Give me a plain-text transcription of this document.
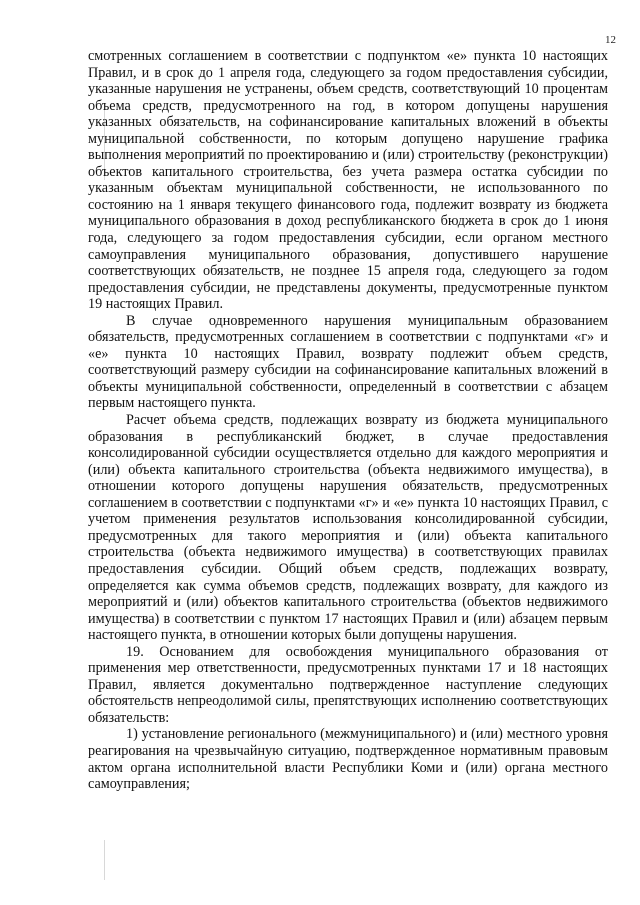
12

смотренных соглашением в соответствии с подпунктом «е» пункта 10 настоящих Правил, и в срок до 1 апреля года, следующего за годом предоставления субсидии, указанные нарушения не устранены, объем средств, соответствующий 10 процентам объема средств, предусмотренного на год, в котором допущены нарушения указанных обязательств, на софинансирование капитальных вложений в объекты муниципальной собственности, по которым допущено нарушение графика выполнения мероприятий по проектированию и (или) строительству (реконструкции) объектов капитального строительства, без учета размера остатка субсидии по указанным объектам муниципальной собственности, не использованного по состоянию на 1 января текущего финансового года, подлежит возврату из бюджета муниципального образования в доход республиканского бюджета в срок до 1 июня года, следующего за годом предоставления субсидии, если органом местного самоуправления муниципального образования, допустившего нарушение соответствующих обязательств, не позднее 15 апреля года, следующего за годом предоставления субсидии, не представлены документы, предусмотренные пунктом 19 настоящих Правил.

В случае одновременного нарушения муниципальным образованием обязательств, предусмотренных соглашением в соответствии с подпунктами «г» и «е» пункта 10 настоящих Правил, возврату подлежит объем средств, соответствующий размеру субсидии на софинансирование капитальных вложений в объекты муниципальной собственности, определенный в соответствии с абзацем первым настоящего пункта.

Расчет объема средств, подлежащих возврату из бюджета муниципального образования в республиканский бюджет, в случае предоставления консолидированной субсидии осуществляется отдельно для каждого мероприятия и (или) объекта капитального строительства (объекта недвижимого имущества), в отношении которого допущены нарушения обязательств, предусмотренных соглашением в соответствии с подпунктами «г» и «е» пункта 10 настоящих Правил, с учетом применения результатов использования консолидированной субсидии, предусмотренных для такого мероприятия и (или) объекта капитального строительства (объекта недвижимого имущества) в соответствующих правилах предоставления субсидии. Общий объем средств, подлежащих возврату, определяется как сумма объемов средств, подлежащих возврату, для каждого из мероприятий и (или) объектов капитального строительства (объектов недвижимого имущества) в соответствии с пунктом 17 настоящих Правил и (или) абзацем первым настоящего пункта, в отношении которых были допущены нарушения.

19. Основанием для освобождения муниципального образования от применения мер ответственности, предусмотренных пунктами 17 и 18 настоящих Правил, является документально подтвержденное наступление следующих обстоятельств непреодолимой силы, препятствующих исполнению соответствующих обязательств:

1) установление регионального (межмуниципального) и (или) местного уровня реагирования на чрезвычайную ситуацию, подтвержденное нормативным правовым актом органа исполнительной власти Республики Коми и (или) органа местного самоуправления;
